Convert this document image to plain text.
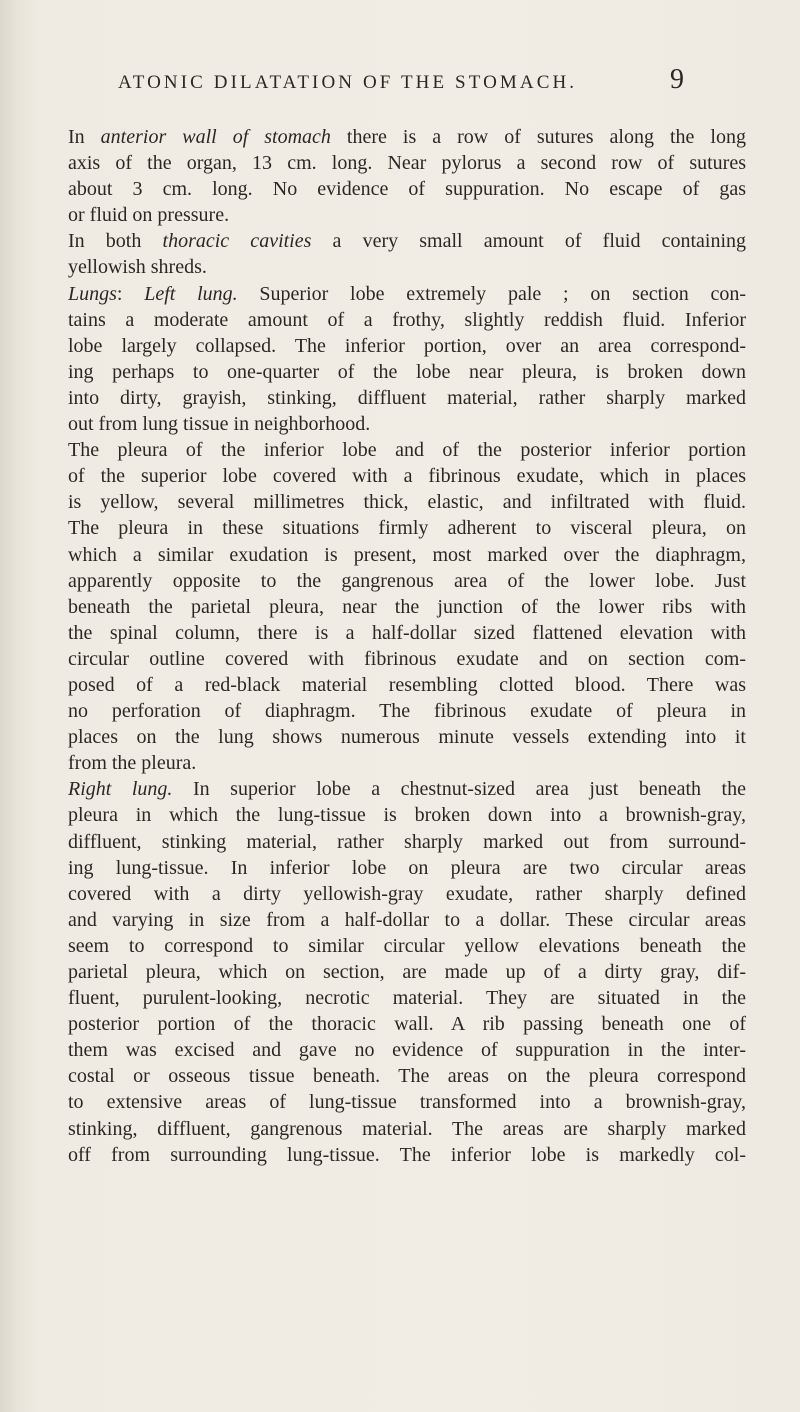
ATONIC DILATATION OF THE STOMACH.	9
In anterior wall of stomach there is a row of sutures along the long
axis of the organ, 13 cm. long. Near pylorus a second row of sutures
about 3 cm. long. No evidence of suppuration. No escape of gas
or fluid on pressure.
In both thoracic cavities a very small amount of fluid containing
yellowish shreds.
Lungs: Left lung. Superior lobe extremely pale ; on section con-
tains a moderate amount of a frothy, slightly reddish fluid. Inferior
lobe largely collapsed. The inferior portion, over an area correspond-
ing perhaps to one-quarter of the lobe near pleura, is broken down
into dirty, grayish, stinking, diffluent material, rather sharply marked
out from lung tissue in neighborhood.
The pleura of the inferior lobe and of the posterior inferior portion
of the superior lobe covered with a fibrinous exudate, which in places
is yellow, several millimetres thick, elastic, and infiltrated with fluid.
The pleura in these situations firmly adherent to visceral pleura, on
which a similar exudation is present, most marked over the diaphragm,
apparently opposite to the gangrenous area of the lower lobe. Just
beneath the parietal pleura, near the junction of the lower ribs with
the spinal column, there is a half-dollar sized flattened elevation with
circular outline covered with fibrinous exudate and on section com-
posed of a red-black material resembling clotted blood. There was
no perforation of diaphragm. The fibrinous exudate of pleura in
places on the lung shows numerous minute vessels extending into it
from the pleura.
Right lung. In superior lobe a chestnut-sized area just beneath the
pleura in which the lung-tissue is broken down into a brownish-gray,
diffluent, stinking material, rather sharply marked out from surround-
ing lung-tissue. In inferior lobe on pleura are two circular areas
covered with a dirty yellowish-gray exudate, rather sharply defined
and varying in size from a half-dollar to a dollar. These circular areas
seem to correspond to similar circular yellow elevations beneath the
parietal pleura, which on section, are made up of a dirty gray, dif-
fluent, purulent-looking, necrotic material. They are situated in the
posterior portion of the thoracic wall. A rib passing beneath one of
them was excised and gave no evidence of suppuration in the inter-
costal or osseous tissue beneath. The areas on the pleura correspond
to extensive areas of lung-tissue transformed into a brownish-gray,
stinking, diffluent, gangrenous material. The areas are sharply marked
off from surrounding lung-tissue. The inferior lobe is markedly col-
